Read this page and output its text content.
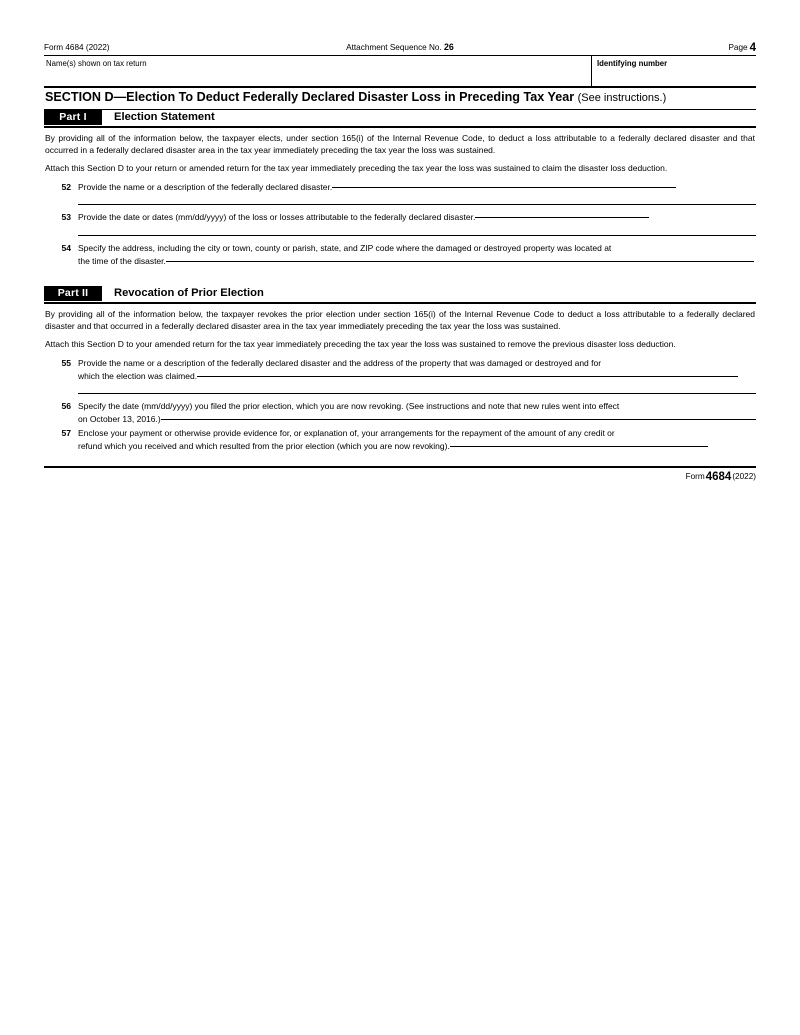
Form 4684 (2022)	Attachment Sequence No. 26	Page 4
Name(s) shown on tax return	Identifying number
SECTION D—Election To Deduct Federally Declared Disaster Loss in Preceding Tax Year (See instructions.)
Part I	Election Statement
By providing all of the information below, the taxpayer elects, under section 165(i) of the Internal Revenue Code, to deduct a loss attributable to a federally declared disaster and that occurred in a federally declared disaster area in the tax year immediately preceding the tax year the loss was sustained.
Attach this Section D to your return or amended return for the tax year immediately preceding the tax year the loss was sustained to claim the disaster loss deduction.
52 Provide the name or a description of the federally declared disaster.
53 Provide the date or dates (mm/dd/yyyy) of the loss or losses attributable to the federally declared disaster.
54 Specify the address, including the city or town, county or parish, state, and ZIP code where the damaged or destroyed property was located at
the time of the disaster.
Part II	Revocation of Prior Election
By providing all of the information below, the taxpayer revokes the prior election under section 165(i) of the Internal Revenue Code to deduct a loss attributable to a federally declared disaster and that occurred in a federally declared disaster area in the tax year immediately preceding the tax year the loss was sustained.
Attach this Section D to your amended return for the tax year immediately preceding the tax year the loss was sustained to remove the previous disaster loss deduction.
55 Provide the name or a description of the federally declared disaster and the address of the property that was damaged or destroyed and for
which the election was claimed.
56 Specify the date (mm/dd/yyyy) you filed the prior election, which you are now revoking. (See instructions and note that new rules went into effect
on October 13, 2016.)
57 Enclose your payment or otherwise provide evidence for, or explanation of, your arrangements for the repayment of the amount of any credit or
refund which you received and which resulted from the prior election (which you are now revoking).
Form4684(2022)
